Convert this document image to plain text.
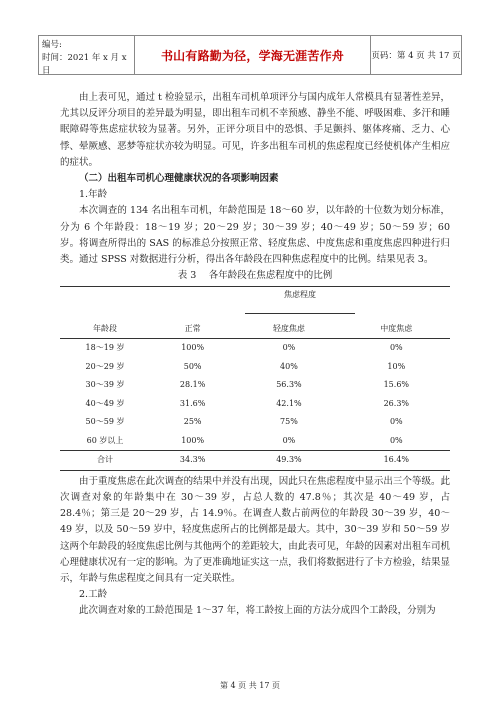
编号:
时间：2021 年 x 月 x 日
书山有路勤为径，学海无涯苦作舟	页码：第 4 页 共 17 页

由上表可见，通过 t 检验显示，出租车司机单项评分与国内成年人常模具有显著性差异，尤其以反评分项目的差异最为明显，即出租车司机不幸预感、静坐不能、呼吸困难、多汗和睡眠障碍等焦虑症状较为显著。另外，正评分项目中的恐惧、手足颤抖、躯体疼痛、乏力、心悸、晕厥感、恶梦等症状亦较为明显。可见，许多出租车司机的焦虑程度已经使机体产生相应的症状。

（二）出租车司机心理健康状况的各项影响因素

1.年龄

本次调查的 134 名出租车司机，年龄范围是 18～60 岁，以年龄的十位数为划分标准，分为 6 个年龄段：18～19 岁；20～29 岁；30～39 岁；40～49 岁；50～59 岁；60 岁。将调查所得出的 SAS 的标准总分按照正常、轻度焦虑、中度焦虑和重度焦虑四种进行归类。通过 SPSS 对数据进行分析，得出各年龄段在四种焦虑程度中的比例。结果见表 3。

表 3　 各年龄段在焦虑程度中的比例

	焦虑程度		

年龄段	正常	轻度焦虑	中度焦虑
18～19 岁	100%	0%	0%
20～29 岁	50%	40%	10%
30～39 岁	28.1%	56.3%	15.6%
40～49 岁	31.6%	42.1%	26.3%
50～59 岁	25%	75%	0%
60 岁以上	100%	0%	0%
合计	34.3%	49.3%	16.4%

由于重度焦虑在此次调查的结果中并没有出现，因此只在焦虑程度中显示出三个等级。此次调查对象的年龄集中在 30～39 岁，占总人数的 47.8％；其次是 40～49 岁，占 28.4％；第三是 20～29 岁，占 14.9％。在调查人数占前两位的年龄段 30～39 岁，40～49 岁，以及 50～59 岁中，轻度焦虑所占的比例都是最大。其中，30～39 岁和 50～59 岁这两个年龄段的轻度焦虑比例与其他两个的差距较大，由此表可见，年龄的因素对出租车司机心理健康状况有一定的影响。为了更准确地证实这一点，我们将数据进行了卡方检验，结果显示，年龄与焦虑程度之间具有一定关联性。

2.工龄

此次调查对象的工龄范围是 1～37 年，将工龄按上面的方法分成四个工龄段，分别为

第 4 页 共 17 页
